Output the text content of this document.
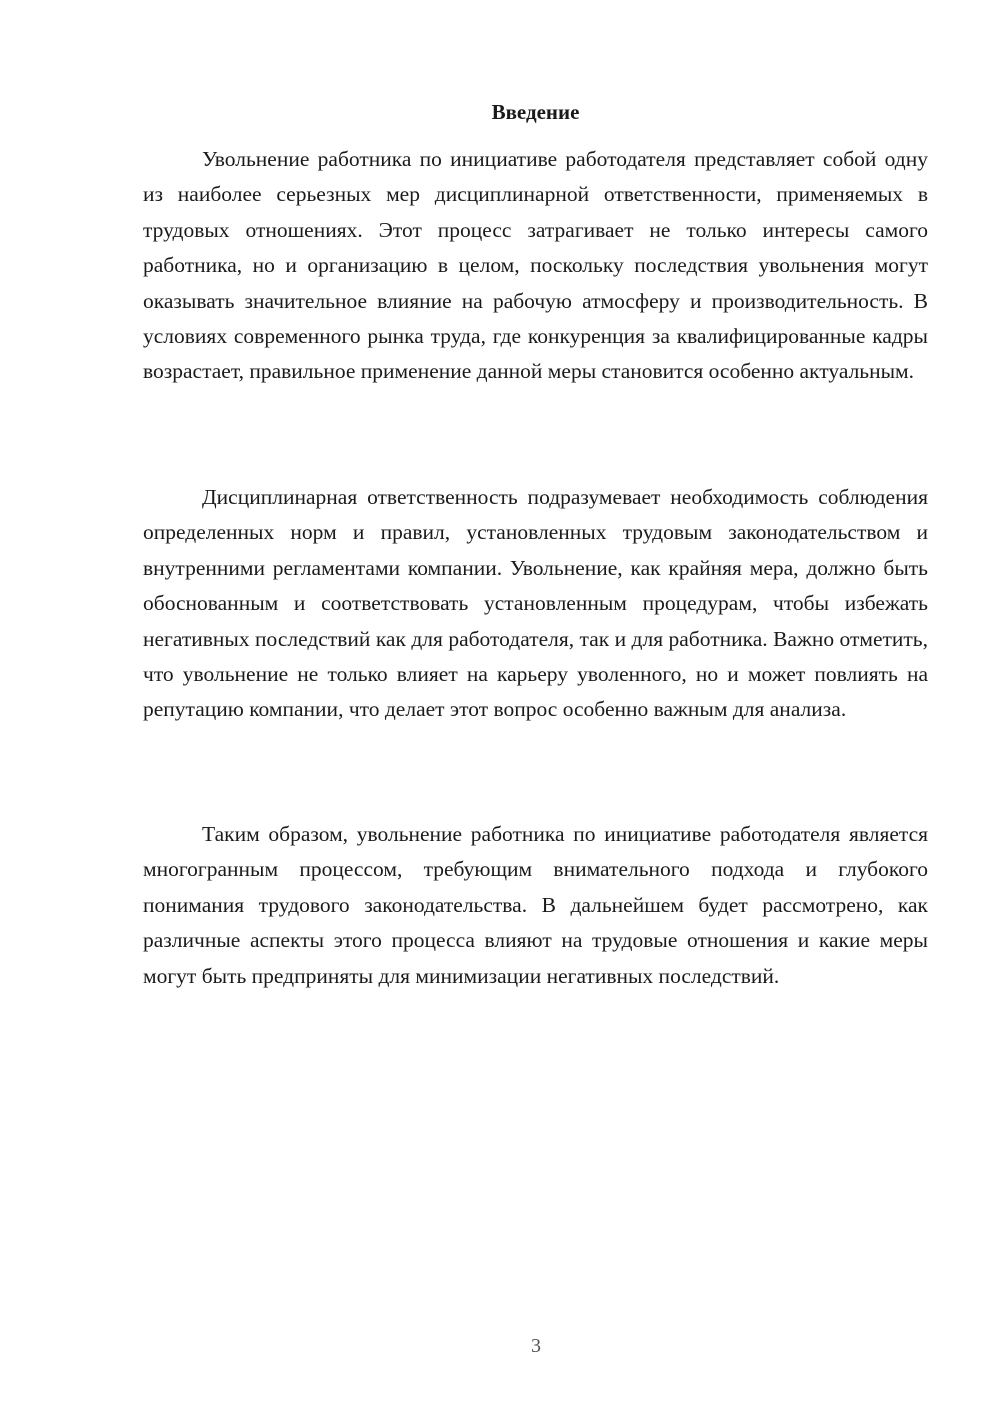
Введение

Увольнение работника по инициативе работодателя представляет собой одну из наиболее серьезных мер дисциплинарной ответственности, применяемых в трудовых отношениях. Этот процесс затрагивает не только интересы самого работника, но и организацию в целом, поскольку последствия увольнения могут оказывать значительное влияние на рабочую атмосферу и производительность. В условиях современного рынка труда, где конкуренция за квалифицированные кадры возрастает, правильное применение данной меры становится особенно актуальным.

Дисциплинарная ответственность подразумевает необходимость соблюдения определенных норм и правил, установленных трудовым законодательством и внутренними регламентами компании. Увольнение, как крайняя мера, должно быть обоснованным и соответствовать установленным процедурам, чтобы избежать негативных последствий как для работодателя, так и для работника. Важно отметить, что увольнение не только влияет на карьеру уволенного, но и может повлиять на репутацию компании, что делает этот вопрос особенно важным для анализа.

Таким образом, увольнение работника по инициативе работодателя является многогранным процессом, требующим внимательного подхода и глубокого понимания трудового законодательства. В дальнейшем будет рассмотрено, как различные аспекты этого процесса влияют на трудовые отношения и какие меры могут быть предприняты для минимизации негативных последствий.

3
